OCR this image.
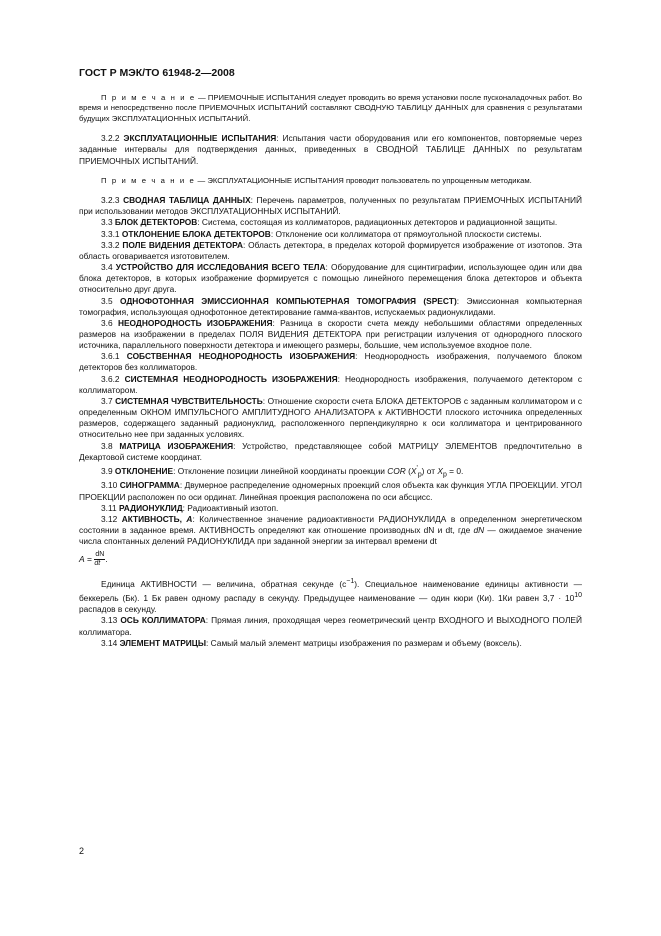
ГОСТ Р МЭК/ТО 61948-2—2008

П р и м е ч а н и е — ПРИЕМОЧНЫЕ ИСПЫТАНИЯ следует проводить во время установки после пусконаладочных работ. Во время и непосредственно после ПРИЕМОЧНЫХ ИСПЫТАНИЙ составляют СВОДНУЮ ТАБЛИЦУ ДАННЫХ для сравнения с результатами будущих ЭКСПЛУАТАЦИОННЫХ ИСПЫТАНИЙ.

3.2.2 ЭКСПЛУАТАЦИОННЫЕ ИСПЫТАНИЯ: Испытания части оборудования или его компонентов, повторяемые через заданные интервалы для подтверждения данных, приведенных в СВОДНОЙ ТАБЛИЦЕ ДАННЫХ по результатам ПРИЕМОЧНЫХ ИСПЫТАНИЙ.

П р и м е ч а н и е — ЭКСПЛУАТАЦИОННЫЕ ИСПЫТАНИЯ проводит пользователь по упрощенным методикам.

3.2.3 СВОДНАЯ ТАБЛИЦА ДАННЫХ: Перечень параметров, полученных по результатам ПРИЕМОЧНЫХ ИСПЫТАНИЙ при использовании методов ЭКСПЛУАТАЦИОННЫХ ИСПЫТАНИЙ.

3.3 БЛОК ДЕТЕКТОРОВ: Система, состоящая из коллиматоров, радиационных детекторов и радиационной защиты.

3.3.1 ОТКЛОНЕНИЕ БЛОКА ДЕТЕКТОРОВ: Отклонение оси коллиматора от прямоугольной плоскости системы.

3.3.2 ПОЛЕ ВИДЕНИЯ ДЕТЕКТОРА: Область детектора, в пределах которой формируется изображение от изотопов. Эта область оговаривается изготовителем.

3.4 УСТРОЙСТВО ДЛЯ ИССЛЕДОВАНИЯ ВСЕГО ТЕЛА: Оборудование для сцинтиграфии, использующее один или два блока детекторов, в которых изображение формируется с помощью линейного перемещения блока детекторов и объекта относительно друг друга.

3.5 ОДНОФОТОННАЯ ЭМИССИОННАЯ КОМПЬЮТЕРНАЯ ТОМОГРАФИЯ (SPECT): Эмиссионная компьютерная томография, использующая однофотонное детектирование гамма-квантов, испускаемых радионуклидами.

3.6 НЕОДНОРОДНОСТЬ ИЗОБРАЖЕНИЯ: Разница в скорости счета между небольшими областями определенных размеров на изображении в пределах ПОЛЯ ВИДЕНИЯ ДЕТЕКТОРА при регистрации излучения от однородного плоского источника, параллельного поверхности детектора и имеющего размеры, большие, чем используемое входное поле.

3.6.1 СОБСТВЕННАЯ НЕОДНОРОДНОСТЬ ИЗОБРАЖЕНИЯ: Неоднородность изображения, получаемого блоком детекторов без коллиматоров.

3.6.2 СИСТЕМНАЯ НЕОДНОРОДНОСТЬ ИЗОБРАЖЕНИЯ: Неоднородность изображения, получаемого детектором с коллиматором.

3.7 СИСТЕМНАЯ ЧУВСТВИТЕЛЬНОСТЬ: Отношение скорости счета БЛОКА ДЕТЕКТОРОВ с заданным коллиматором и с определенным ОКНОМ ИМПУЛЬСНОГО АМПЛИТУДНОГО АНАЛИЗАТОРА к АКТИВНОСТИ плоского источника определенных размеров, содержащего заданный радионуклид, расположенного перпендикулярно к оси коллиматора и центрированного относительно нее при заданных условиях.

3.8 МАТРИЦА ИЗОБРАЖЕНИЯ: Устройство, представляющее собой МАТРИЦУ ЭЛЕМЕНТОВ предпочтительно в Декартовой системе координат.

3.9 ОТКЛОНЕНИЕ: Отклонение позиции линейной координаты проекции COR $(X'_p)$ от $X_p = 0$.

3.10 СИНОГРАММА: Двумерное распределение одномерных проекций слоя объекта как функция УГЛА ПРОЕКЦИИ. УГОЛ ПРОЕКЦИИ расположен по оси ординат. Линейная проекция расположена по оси абсцисс.

3.11 РАДИОНУКЛИД: Радиоактивный изотоп.

3.12 АКТИВНОСТЬ, A: Количественное значение радиоактивности РАДИОНУКЛИДА в определенном энергетическом состоянии в заданное время. АКТИВНОСТЬ определяют как отношение производных dN и dt, где dN — ожидаемое значение числа спонтанных делений РАДИОНУКЛИДА при заданной энергии за интервал времени dt

$A = \frac{dN}{dt}$.

Единица АКТИВНОСТИ — величина, обратная секунде $(с^{-1})$. Специальное наименование единицы активности — беккерель (Бк). 1 Бк равен одному распаду в секунду. Предыдущее наименование — один кюри (Ки). 1Ки равен $3,7 \cdot 10^{10}$ распадов в секунду.

3.13 ОСЬ КОЛЛИМАТОРА: Прямая линия, проходящая через геометрический центр ВХОДНОГО И ВЫХОДНОГО ПОЛЕЙ коллиматора.

3.14 ЭЛЕМЕНТ МАТРИЦЫ: Самый малый элемент матрицы изображения по размерам и объему (воксель).

2
